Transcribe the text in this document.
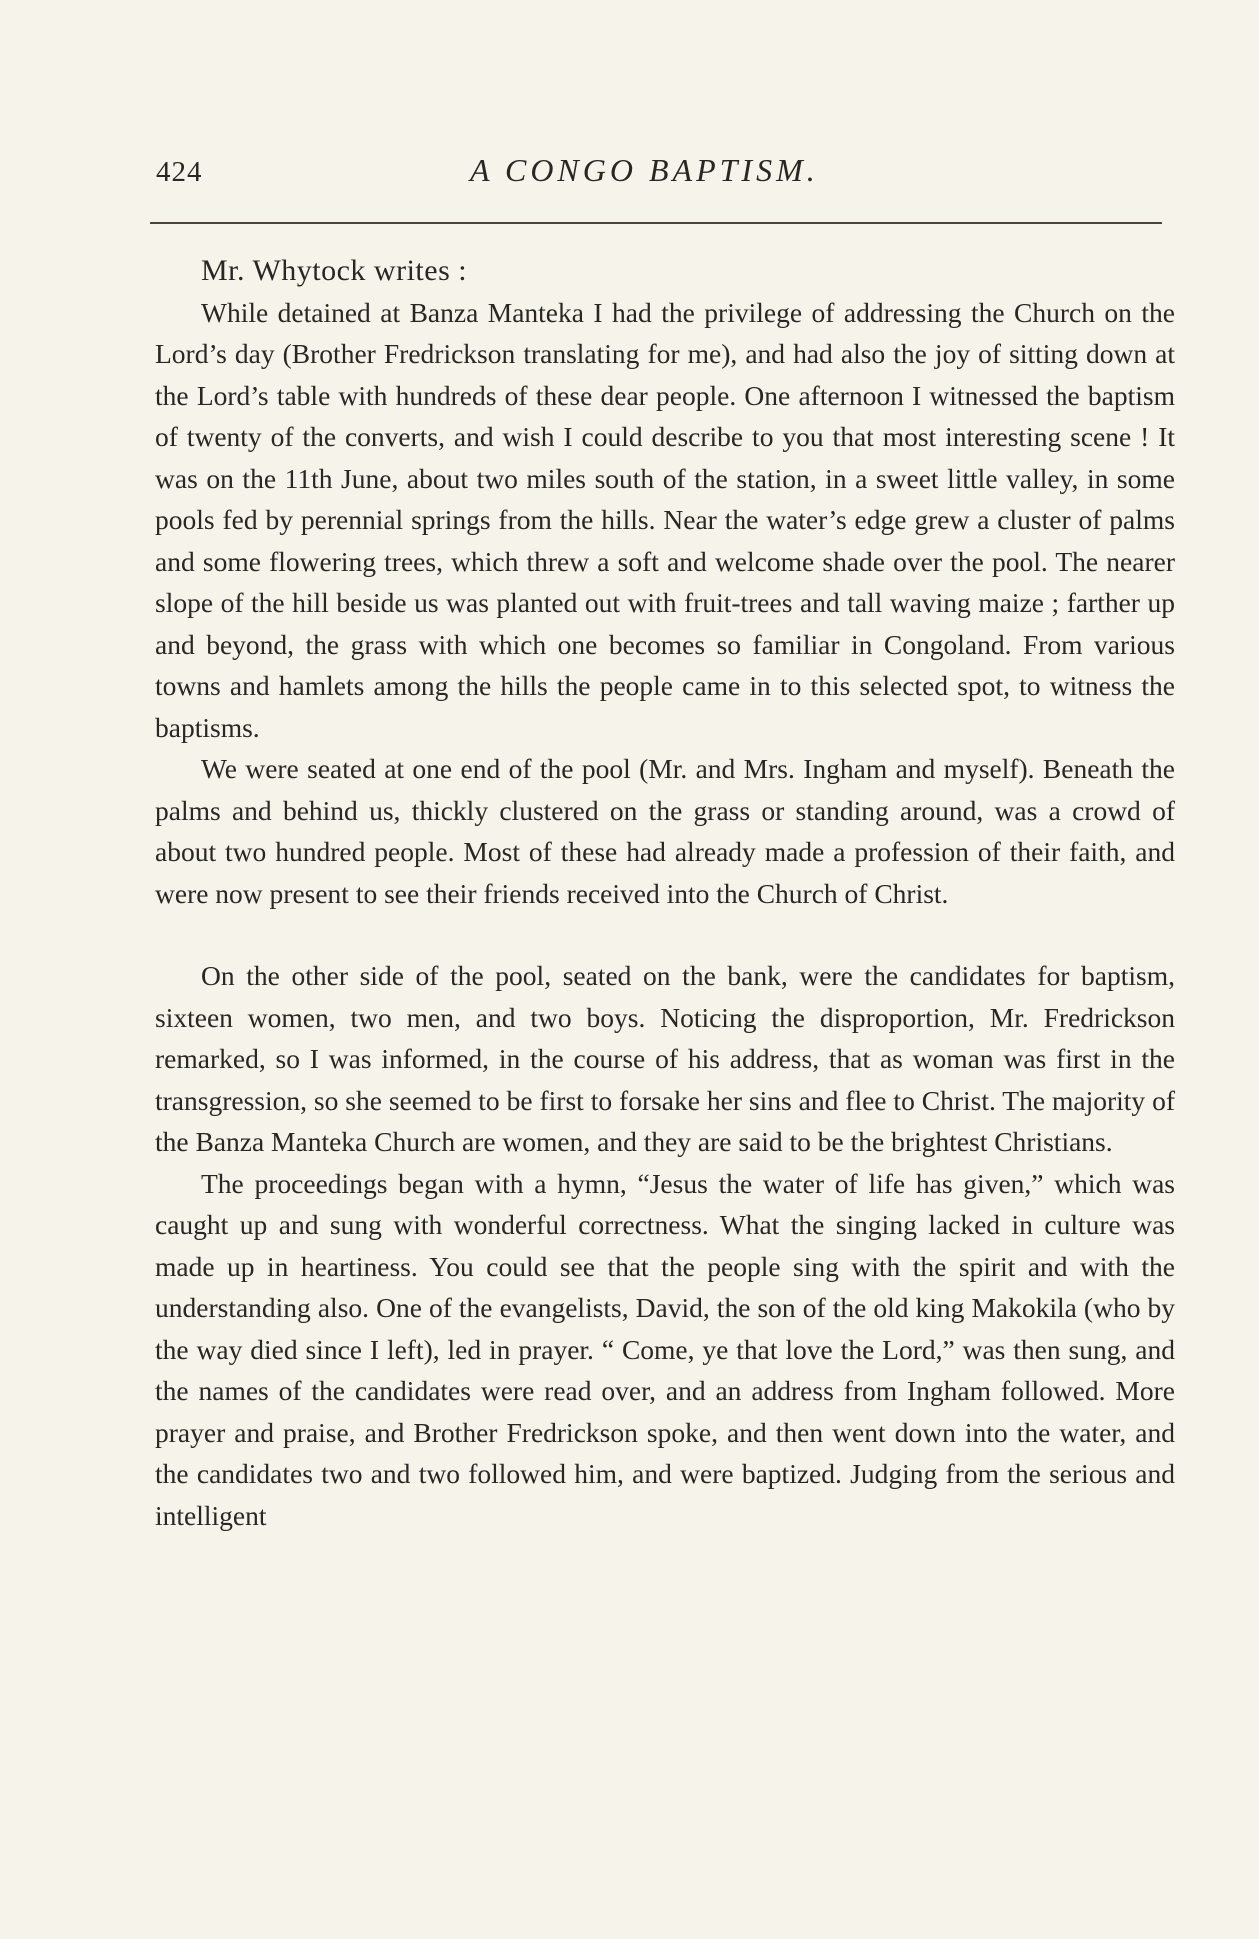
424	A CONGO BAPTISM.
Mr. Whytock writes :

While detained at Banza Manteka I had the privilege of addressing the Church on the Lord’s day (Brother Fredrickson translating for me), and had also the joy of sitting down at the Lord’s table with hundreds of these dear people. One afternoon I witnessed the baptism of twenty of the converts, and wish I could describe to you that most interesting scene ! It was on the 11th June, about two miles south of the station, in a sweet little valley, in some pools fed by perennial springs from the hills. Near the water’s edge grew a cluster of palms and some flowering trees, which threw a soft and welcome shade over the pool. The nearer slope of the hill beside us was planted out with fruit-trees and tall waving maize ; farther up and beyond, the grass with which one becomes so familiar in Congoland. From various towns and hamlets among the hills the people came in to this selected spot, to witness the baptisms.

We were seated at one end of the pool (Mr. and Mrs. Ingham and myself). Beneath the palms and behind us, thickly clustered on the grass or standing around, was a crowd of about two hundred people. Most of these had already made a profession of their faith, and were now present to see their friends received into the Church of Christ.

On the other side of the pool, seated on the bank, were the candidates for baptism, sixteen women, two men, and two boys. Noticing the disproportion, Mr. Fredrickson remarked, so I was informed, in the course of his address, that as woman was first in the transgression, so she seemed to be first to forsake her sins and flee to Christ. The majority of the Banza Manteka Church are women, and they are said to be the brightest Christians.

The proceedings began with a hymn, “Jesus the water of life has given,” which was caught up and sung with wonderful correctness. What the singing lacked in culture was made up in heartiness. You could see that the people sing with the spirit and with the understanding also. One of the evangelists, David, the son of the old king Makokila (who by the way died since I left), led in prayer. “ Come, ye that love the Lord,” was then sung, and the names of the candidates were read over, and an address from Ingham followed. More prayer and praise, and Brother Fredrickson spoke, and then went down into the water, and the candidates two and two followed him, and were baptized. Judging from the serious and intelligent
